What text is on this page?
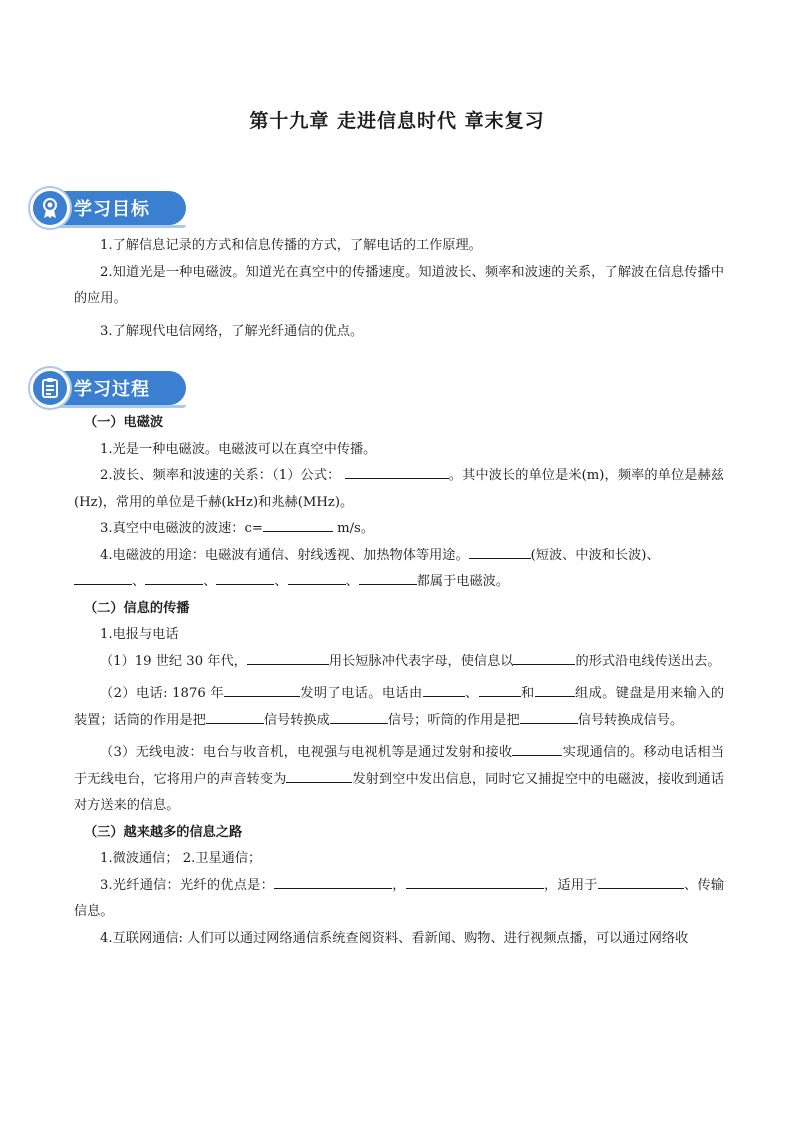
第十九章 走进信息时代 章末复习
学习目标

1.了解信息记录的方式和信息传播的方式，了解电话的工作原理。

2.知道光是一种电磁波。知道光在真空中的传播速度。知道波长、频率和波速的关系，了解波在信息传播中的应用。

3.了解现代电信网络，了解光纤通信的优点。

学习过程

（一）电磁波

1.光是一种电磁波。电磁波可以在真空中传播。

2.波长、频率和波速的关系：（1）公式：	。其中波长的单位是米(m)，频率的单位是赫兹(Hz)，常用的单位是千赫(kHz)和兆赫(MHz)。

3.真空中电磁波的波速：c=	m/s。

4.电磁波的用途：电磁波有通信、射线透视、加热物体等用途。	(短波、中波和长波)、
、	、	、	、	都属于电磁波。

（二）信息的传播

1.电报与电话

（1）19 世纪 30 年代，	用长短脉冲代表字母，使信息以	的形式沿电线传送出去。

（2）电话: 1876 年	发明了电话。电话由	、	和	组成。键盘是用来输入的装置；话筒的作用是把	信号转换成	信号；听筒的作用是把	信号转换成信号。

（3）无线电波：电台与收音机，电视强与电视机等是通过发射和接收	实现通信的。移动电话相当于无线电台，它将用户的声音转变为	发射到空中发出信息，同时它又捕捉空中的电磁波，接收到通话对方送来的信息。

（三）越来越多的信息之路

1.微波通信； 2.卫星通信；

3.光纤通信：光纤的优点是：	，	，适用于	、传输信息。

4.互联网通信: 人们可以通过网络通信系统查阅资料、看新闻、购物、进行视频点播，可以通过网络收
